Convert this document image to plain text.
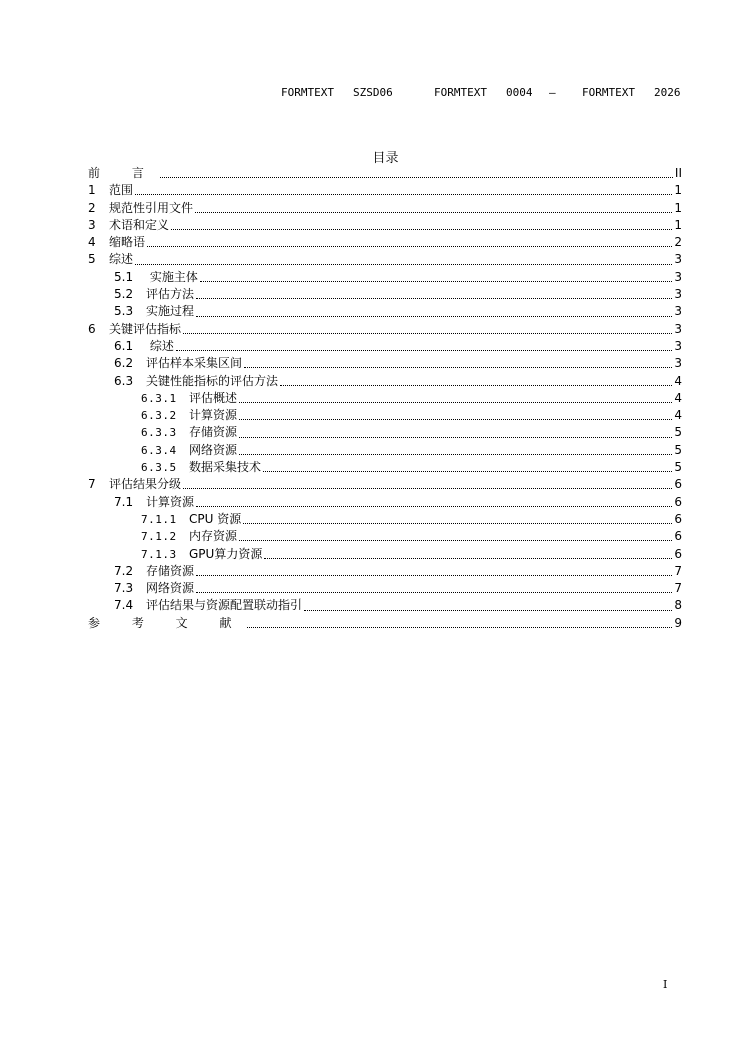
FORMTEXT SZSD06	FORMTEXT 0004 — FORMTEXT 2026
目录
前 言	II
1	范围	1
2	规范性引用文件	1
3	术语和定义	1
4	缩略语	2
5	综述	3
5.1	实施主体	3
5.2	评估方法	3
5.3	实施过程	3
6	关键评估指标	3
6.1	综述	3
6.2	评估样本采集区间	3
6.3	关键性能指标的评估方法	4
6.3.1	评估概述	4
6.3.2	计算资源	4
6.3.3	存储资源	5
6.3.4	网络资源	5
6.3.5	数据采集技术	5
7	评估结果分级	6
7.1	计算资源	6
7.1.1	CPU 资源	6
7.1.2	内存资源	6
7.1.3	GPU算力资源	6
7.2	存储资源	7
7.3	网络资源	7
7.4	评估结果与资源配置联动指引	8
参 考 文 献	9
I
